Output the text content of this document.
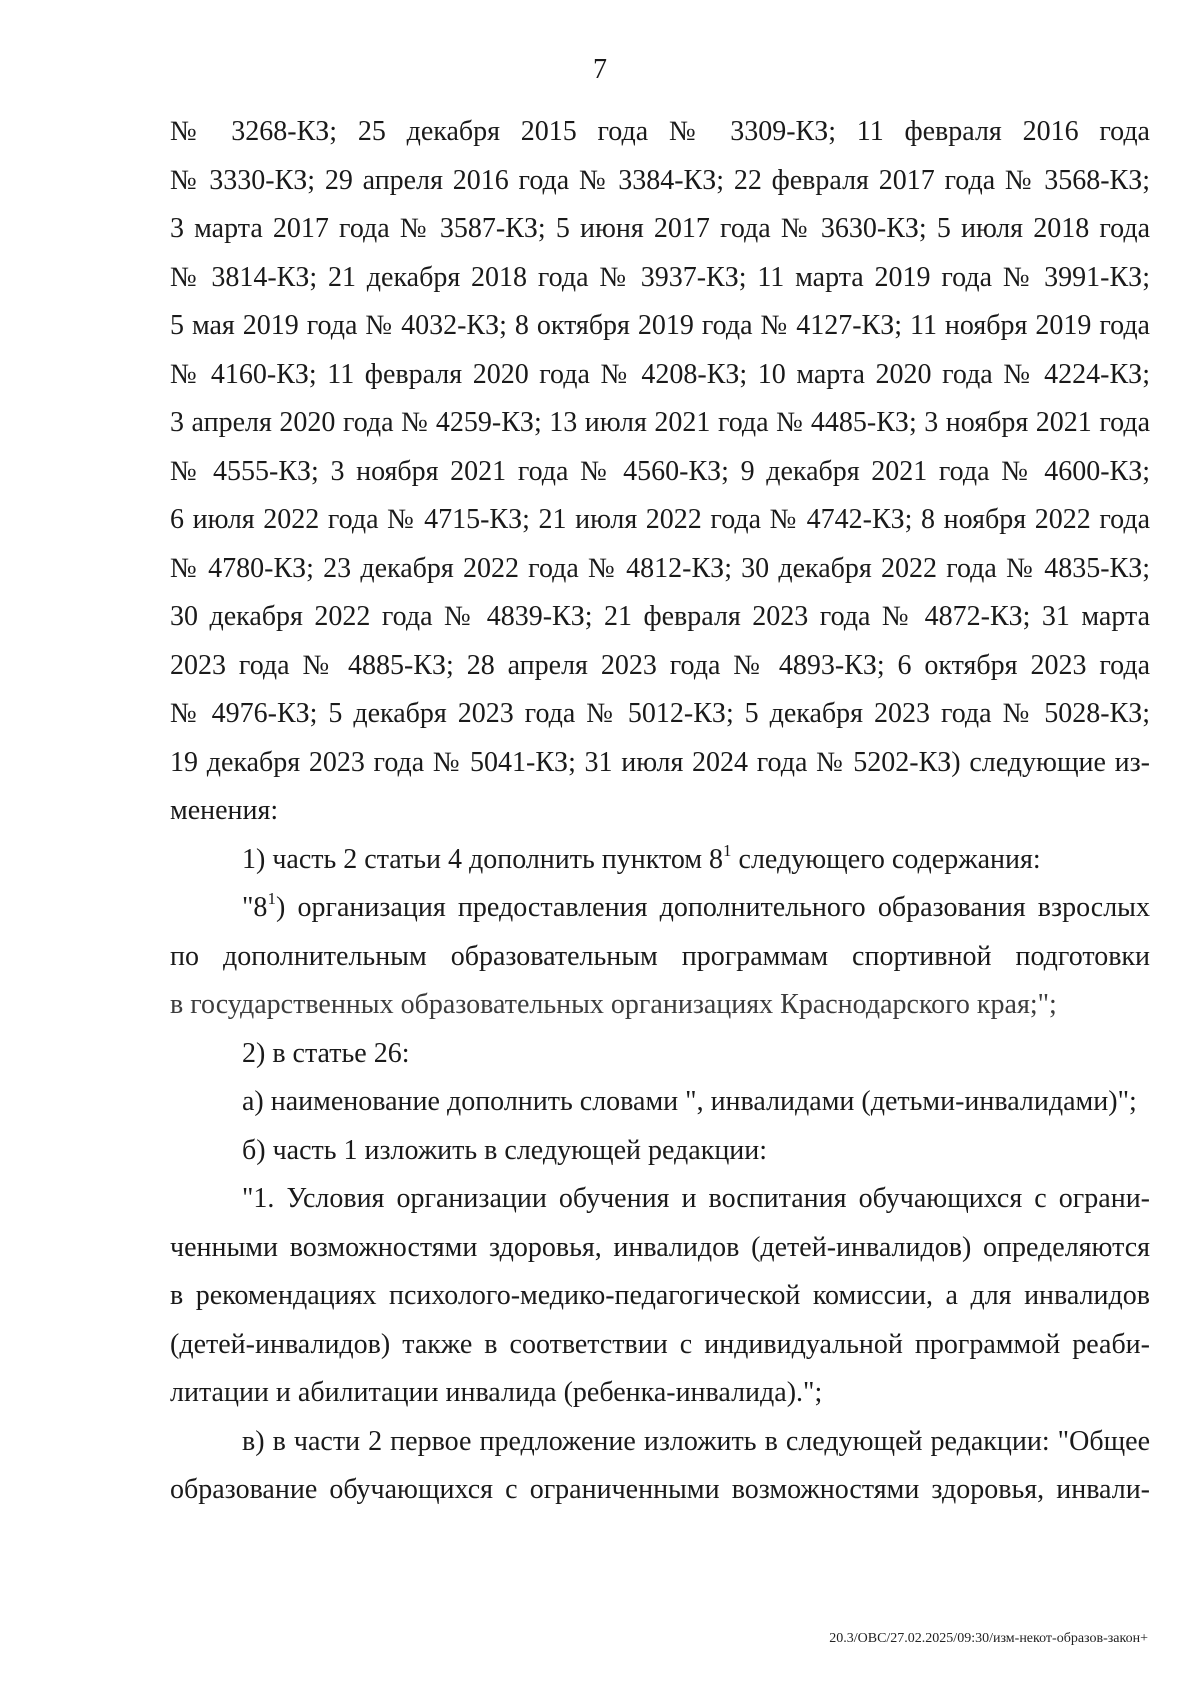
7
№ 3268-КЗ; 25 декабря 2015 года № 3309-КЗ; 11 февраля 2016 года
№ 3330-КЗ; 29 апреля 2016 года № 3384-КЗ; 22 февраля 2017 года № 3568-КЗ;
3 марта 2017 года № 3587-КЗ; 5 июня 2017 года № 3630-КЗ; 5 июля 2018 года
№ 3814-КЗ; 21 декабря 2018 года № 3937-КЗ; 11 марта 2019 года № 3991-КЗ;
5 мая 2019 года № 4032-КЗ; 8 октября 2019 года № 4127-КЗ; 11 ноября 2019 года
№ 4160-КЗ; 11 февраля 2020 года № 4208-КЗ; 10 марта 2020 года № 4224-КЗ;
3 апреля 2020 года № 4259-КЗ; 13 июля 2021 года № 4485-КЗ; 3 ноября 2021 года
№ 4555-КЗ; 3 ноября 2021 года № 4560-КЗ; 9 декабря 2021 года № 4600-КЗ;
6 июля 2022 года № 4715-КЗ; 21 июля 2022 года № 4742-КЗ; 8 ноября 2022 года
№ 4780-КЗ; 23 декабря 2022 года № 4812-КЗ; 30 декабря 2022 года № 4835-КЗ;
30 декабря 2022 года № 4839-КЗ; 21 февраля 2023 года № 4872-КЗ; 31 марта
2023 года № 4885-КЗ; 28 апреля 2023 года № 4893-КЗ; 6 октября 2023 года
№ 4976-КЗ; 5 декабря 2023 года № 5012-КЗ; 5 декабря 2023 года № 5028-КЗ;
19 декабря 2023 года № 5041-КЗ; 31 июля 2024 года № 5202-КЗ) следующие из-
менения:
1) часть 2 статьи 4 дополнить пунктом $8^1$ следующего содержания:
"$8^1$) организация предоставления дополнительного образования взрослых
по дополнительным образовательным программам спортивной подготовки
в государственных образовательных организациях Краснодарского края;";
2) в статье 26:
а) наименование дополнить словами ", инвалидами (детьми-инвалидами)";
б) часть 1 изложить в следующей редакции:
"1. Условия организации обучения и воспитания обучающихся с ограни-
ченными возможностями здоровья, инвалидов (детей-инвалидов) определяются
в рекомендациях психолого-медико-педагогической комиссии, а для инвалидов
(детей-инвалидов) также в соответствии с индивидуальной программой реаби-
литации и абилитации инвалида (ребенка-инвалида).";
в) в части 2 первое предложение изложить в следующей редакции: "Общее
образование обучающихся с ограниченными возможностями здоровья, инвали-
20.3/ОВС/27.02.2025/09:30/изм-некот-образов-закон+
